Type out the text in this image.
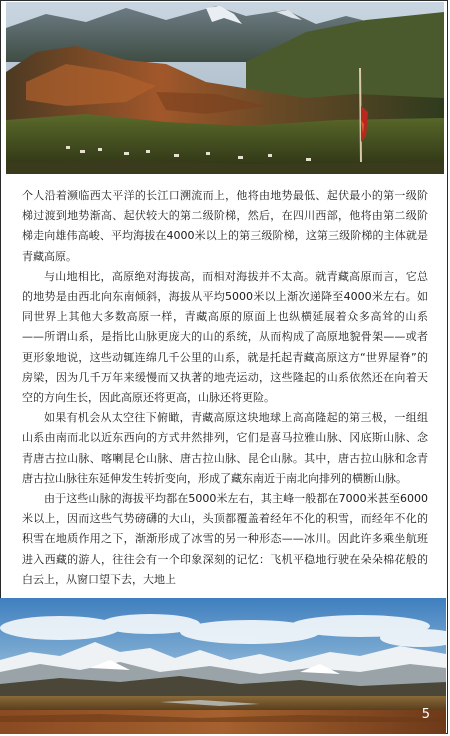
个人沿着濒临西太平洋的长江口溯流而上，他将由地势最低、起伏最小的第一级阶梯过渡到地势渐高、起伏较大的第二级阶梯，然后，在四川西部，他将由第二级阶梯走向雄伟高峻、平均海拔在4000米以上的第三级阶梯，这第三级阶梯的主体就是青藏高原。

与山地相比，高原绝对海拔高，而相对海拔并不太高。就青藏高原而言，它总的地势是由西北向东南倾斜，海拔从平均5000米以上渐次递降至4000米左右。如同世界上其他大多数高原一样，青藏高原的原面上也纵横延展着众多高耸的山系——所谓山系，是指比山脉更庞大的山的系统，从而构成了高原地貌骨架——或者更形象地说，这些动辄连绵几千公里的山系，就是托起青藏高原这方“世界屋脊”的房梁，因为几千万年来缓慢而又执著的地壳运动，这些隆起的山系依然还在向着天空的方向生长，因此高原还将更高，山脉还将更险。

如果有机会从太空往下俯瞰，青藏高原这块地球上高高隆起的第三极，一组组山系由南而北以近东西向的方式井然排列，它们是喜马拉雅山脉、冈底斯山脉、念青唐古拉山脉、喀喇昆仑山脉、唐古拉山脉、昆仑山脉。其中，唐古拉山脉和念青唐古拉山脉往东延伸发生转折变向，形成了藏东南近于南北向排列的横断山脉。

由于这些山脉的海拔平均都在5000米左右，其主峰一般都在7000米甚至6000米以上，因而这些气势磅礴的大山，头顶都覆盖着经年不化的积雪，而经年不化的积雪在地质作用之下，渐渐形成了冰雪的另一种形态——冰川。因此许多乘坐航班进入西藏的游人，往往会有一个印象深刻的记忆：飞机平稳地行驶在朵朵棉花般的白云上，从窗口望下去，大地上

5
